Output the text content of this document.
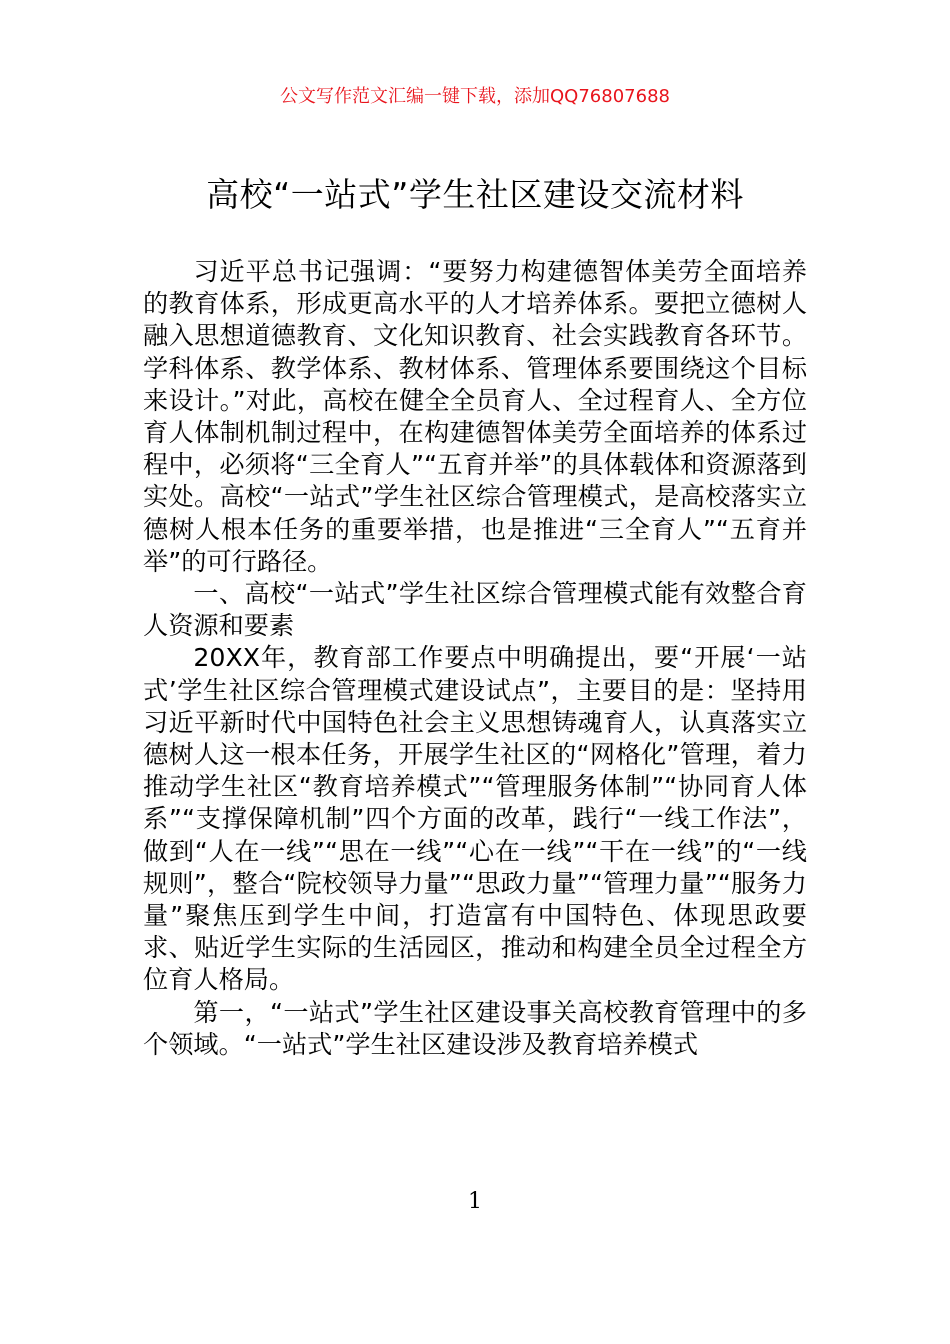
公文写作范文汇编一键下载，添加QQ76807688
高校“一站式”学生社区建设交流材料

习近平总书记强调：“要努力构建德智体美劳全面培养的教育体系，形成更高水平的人才培养体系。要把立德树人融入思想道德教育、文化知识教育、社会实践教育各环节。学科体系、教学体系、教材体系、管理体系要围绕这个目标来设计。”对此，高校在健全全员育人、全过程育人、全方位育人体制机制过程中，在构建德智体美劳全面培养的体系过程中，必须将“三全育人”“五育并举”的具体载体和资源落到实处。高校“一站式”学生社区综合管理模式，是高校落实立德树人根本任务的重要举措，也是推进“三全育人”“五育并举”的可行路径。

一、高校“一站式”学生社区综合管理模式能有效整合育人资源和要素

20XX年，教育部工作要点中明确提出，要“开展‘一站式’学生社区综合管理模式建设试点”，主要目的是：坚持用习近平新时代中国特色社会主义思想铸魂育人，认真落实立德树人这一根本任务，开展学生社区的“网格化”管理，着力推动学生社区“教育培养模式”“管理服务体制”“协同育人体系”“支撑保障机制”四个方面的改革，践行“一线工作法”，做到“人在一线”“思在一线”“心在一线”“干在一线”的“一线规则”，整合“院校领导力量”“思政力量”“管理力量”“服务力量”聚焦压到学生中间，打造富有中国特色、体现思政要求、贴近学生实际的生活园区，推动和构建全员全过程全方位育人格局。

第一，“一站式”学生社区建设事关高校教育管理中的多个领域。“一站式”学生社区建设涉及教育培养模式

1
